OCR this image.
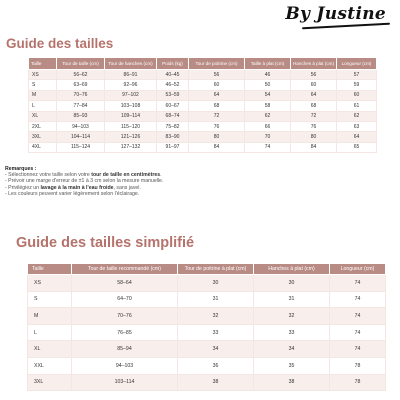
By Justine
Guide des tailles
Taille	Tour de taille (cm)	Tour de hanches (cm)	Poids (kg)	Tour de poitrine (cm)	Taille à plat (cm)	Hanches à plat (cm)	Longueur (cm)
XS	56–62	86–91	40–45	56	46	56	57
S	63–69	92–96	46–52	60	50	60	59
M	70–76	97–102	53–59	64	54	64	60
L	77–84	103–108	60–67	68	58	68	61
XL	85–93	109–114	68–74	72	62	72	62
2XL	94–103	115–120	75–82	76	66	76	63
3XL	104–114	121–126	83–90	80	70	80	64
4XL	115–124	127–132	91–97	84	74	84	65
Remarques :
- Sélectionnez votre taille selon votre tour de taille en centimètres.
- Prévoir une marge d'erreur de ±1 à 3 cm selon la mesure manuelle.
- Privilégiez un lavage à la main à l'eau froide, sans javel.
- Les couleurs peuvent varier légèrement selon l'éclairage.
Guide des tailles simplifié
Taille	Tour de taille recommandé (cm)	Tour de poitrine à plat (cm)	Hanches à plat (cm)	Longueur (cm)
XS	58–64	30	30	74
S	64–70	31	31	74
M	70–76	32	32	74
L	76–85	33	33	74
XL	85–94	34	34	74
XXL	94–103	36	35	78
3XL	103–114	38	38	78
